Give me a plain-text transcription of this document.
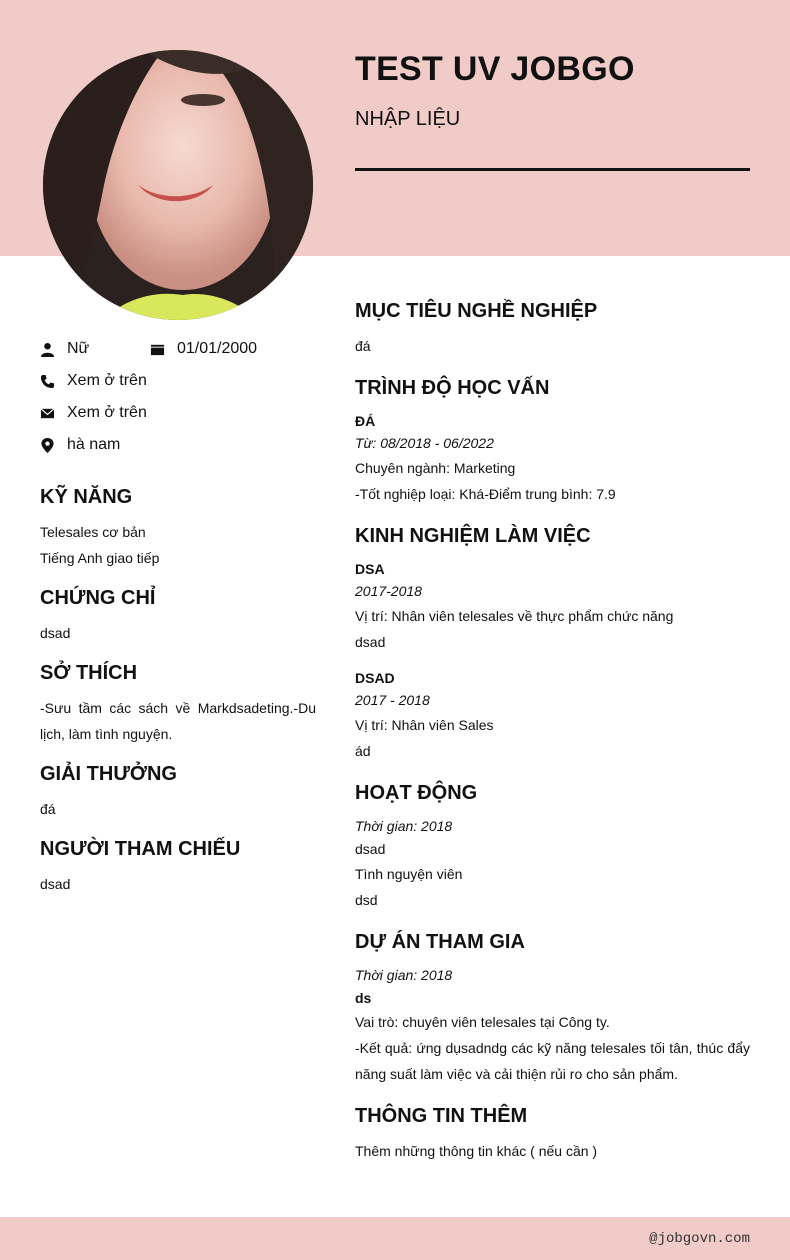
TEST UV JOBGO
NHẬP LIỆU
Nữ	01/01/2000
Xem ở trên
Xem ở trên
hà nam
KỸ NĂNG
Telesales cơ bản
Tiếng Anh giao tiếp
CHỨNG CHỈ
dsad
SỞ THÍCH
-Sưu tầm các sách về Markdsadeting.-Du lịch, làm tình nguyện.
GIẢI THƯỞNG
đá
NGƯỜI THAM CHIẾU
dsad
MỤC TIÊU NGHỀ NGHIỆP
đá
TRÌNH ĐỘ HỌC VẤN
ĐÁ
Từ: 08/2018 - 06/2022
Chuyên ngành: Marketing
-Tốt nghiệp loại: Khá-Điểm trung bình: 7.9
KINH NGHIỆM LÀM VIỆC
DSA
2017-2018
Vị trí: Nhân viên telesales về thực phẩm chức năng
dsad
DSAD
2017 - 2018
Vị trí: Nhân viên Sales
ád
HOẠT ĐỘNG
Thời gian: 2018
dsad
Tình nguyện viên
dsd
DỰ ÁN THAM GIA
Thời gian: 2018
ds
Vai trò: chuyên viên telesales tại Công ty.
-Kết quả: ứng dụsadndg các kỹ năng telesales tối tân, thúc đẩy năng suất làm việc và cải thiện rủi ro cho sản phẩm.
THÔNG TIN THÊM
Thêm những thông tin khác ( nếu cần )
@jobgovn.com
